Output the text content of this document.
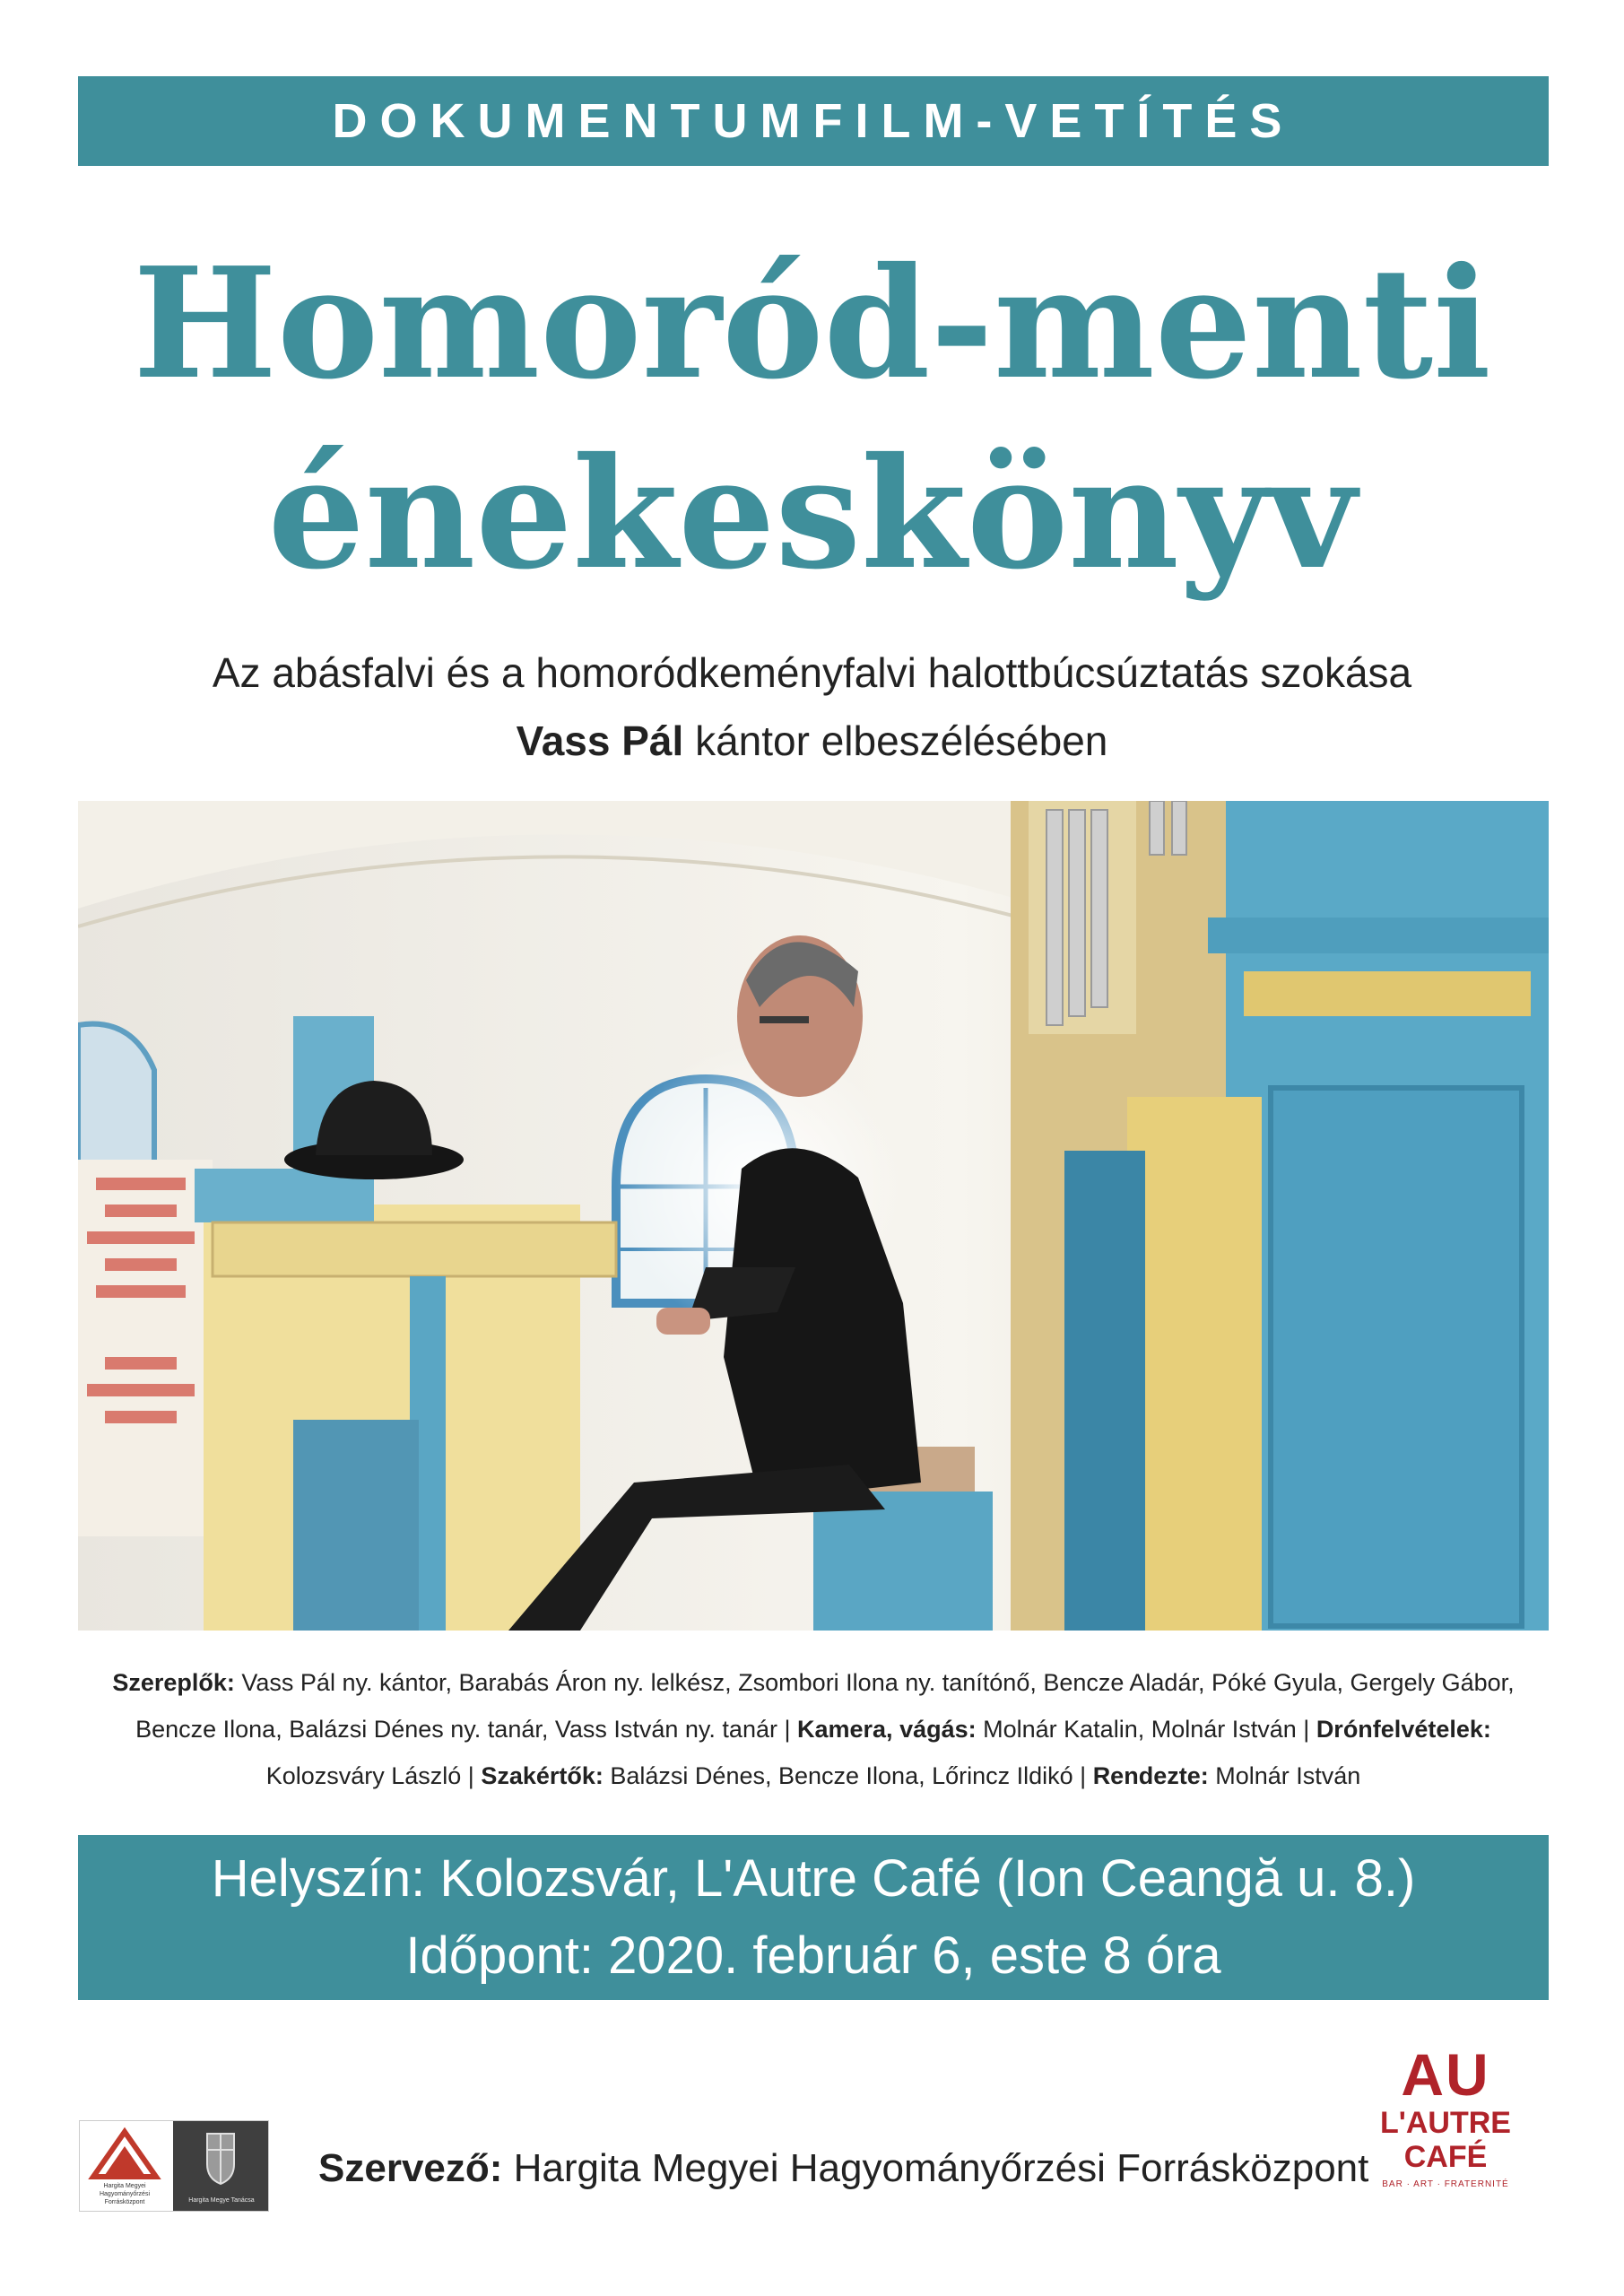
DOKUMENTUMFILM-VETÍTÉS
Homoród-menti
énekeskönyv
Az abásfalvi és a homoródkeményfalvi halottbúcsúztatás szokása
Vass Pál kántor elbeszélésében
Szereplők: Vass Pál ny. kántor, Barabás Áron ny. lelkész, Zsombori Ilona ny. tanítónő, Bencze Aladár, Póké Gyula, Gergely Gábor, Bencze Ilona, Balázsi Dénes ny. tanár, Vass István ny. tanár | Kamera, vágás: Molnár Katalin, Molnár István | Drónfelvételek: Kolozsváry László | Szakértők: Balázsi Dénes, Bencze Ilona, Lőrincz Ildikó | Rendezte: Molnár István
Helyszín: Kolozsvár, L'Autre Café (Ion Ceangă u. 8.)
Időpont: 2020. február 6, este 8 óra
Hargita Megyei Hagyományőrzési Forrásközpont	Hargita Megye Tanácsa
Szervező: Hargita Megyei Hagyományőrzési Forrásközpont
AU
L'AUTRE
CAFÉ
BAR · ART · FRATERNITÉ
